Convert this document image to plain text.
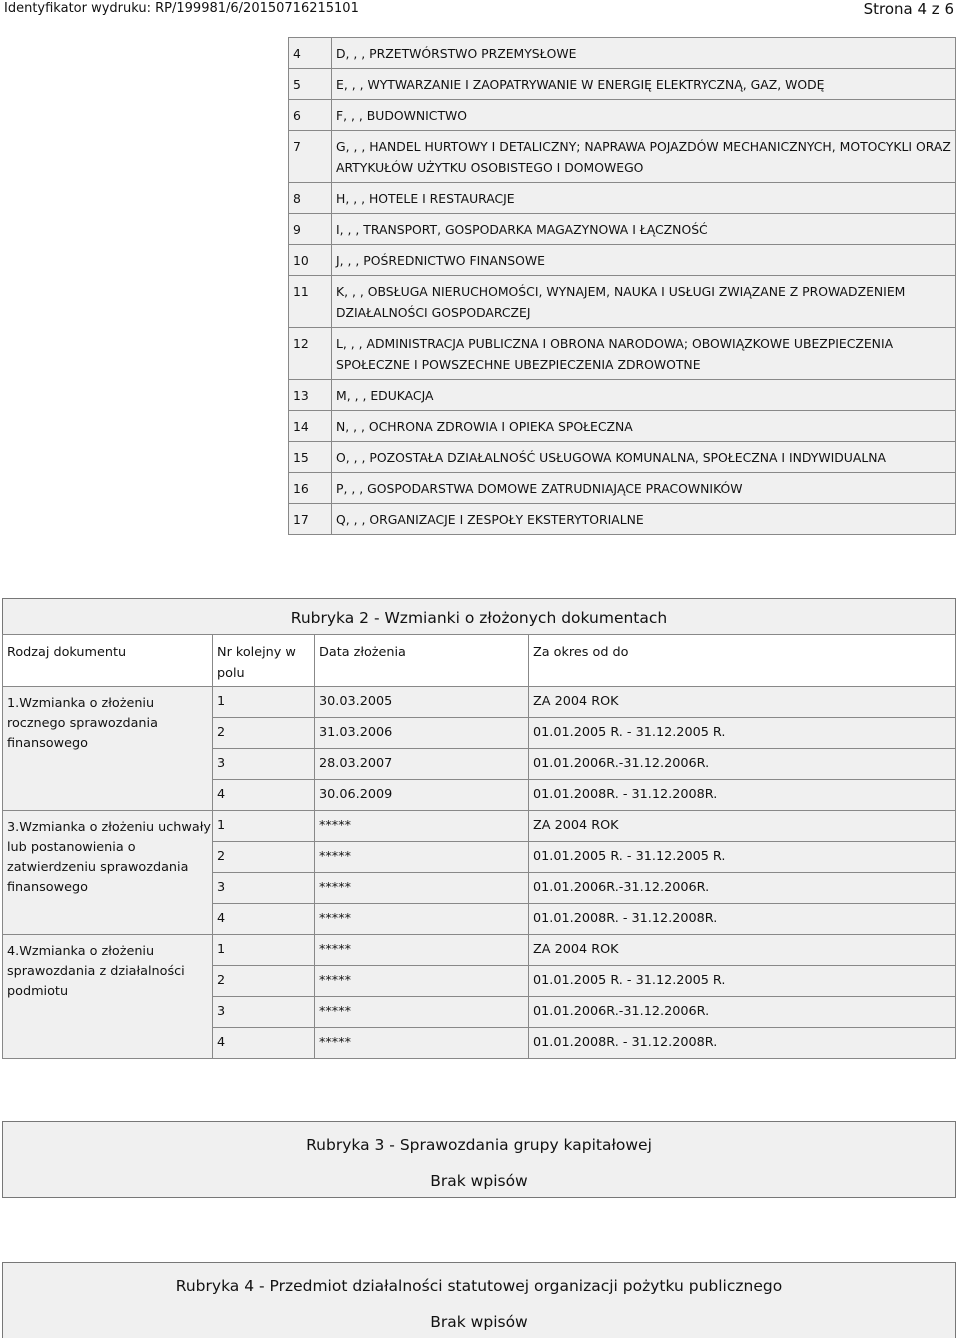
Identyfikator wydruku: RP/199981/6/20150716215101	Strona 4 z 6
4	D, , , PRZETWÓRSTWO PRZEMYSŁOWE
5	E, , , WYTWARZANIE I ZAOPATRYWANIE W ENERGIĘ ELEKTRYCZNĄ, GAZ, WODĘ
6	F, , , BUDOWNICTWO
7	G, , , HANDEL HURTOWY I DETALICZNY; NAPRAWA POJAZDÓW MECHANICZNYCH, MOTOCYKLI ORAZ ARTYKUŁÓW UŻYTKU OSOBISTEGO I DOMOWEGO
8	H, , , HOTELE I RESTAURACJE
9	I, , , TRANSPORT, GOSPODARKA MAGAZYNOWA I ŁĄCZNOŚĆ
10	J, , , POŚREDNICTWO FINANSOWE
11	K, , , OBSŁUGA NIERUCHOMOŚCI, WYNAJEM, NAUKA I USŁUGI ZWIĄZANE Z PROWADZENIEM DZIAŁALNOŚCI GOSPODARCZEJ
12	L, , , ADMINISTRACJA PUBLICZNA I OBRONA NARODOWA; OBOWIĄZKOWE UBEZPIECZENIA SPOŁECZNE I POWSZECHNE UBEZPIECZENIA ZDROWOTNE
13	M, , , EDUKACJA
14	N, , , OCHRONA ZDROWIA I OPIEKA SPOŁECZNA
15	O, , , POZOSTAŁA DZIAŁALNOŚĆ USŁUGOWA KOMUNALNA, SPOŁECZNA I INDYWIDUALNA
16	P, , , GOSPODARSTWA DOMOWE ZATRUDNIAJĄCE PRACOWNIKÓW
17	Q, , , ORGANIZACJE I ZESPOŁY EKSTERYTORIALNE
Rubryka 2 - Wzmianki o złożonych dokumentach
Rodzaj dokumentu	Nr kolejny w polu	Data złożenia	Za okres od do
1.Wzmianka o złożeniu rocznego sprawozdania finansowego	1	30.03.2005	ZA 2004 ROK
	2	31.03.2006	01.01.2005 R. - 31.12.2005 R.
	3	28.03.2007	01.01.2006R.-31.12.2006R.
	4	30.06.2009	01.01.2008R. - 31.12.2008R.
3.Wzmianka o złożeniu uchwały lub postanowienia o zatwierdzeniu sprawozdania finansowego	1	*****	ZA 2004 ROK
	2	*****	01.01.2005 R. - 31.12.2005 R.
	3	*****	01.01.2006R.-31.12.2006R.
	4	*****	01.01.2008R. - 31.12.2008R.
4.Wzmianka o złożeniu sprawozdania z działalności podmiotu	1	*****	ZA 2004 ROK
	2	*****	01.01.2005 R. - 31.12.2005 R.
	3	*****	01.01.2006R.-31.12.2006R.
	4	*****	01.01.2008R. - 31.12.2008R.
Rubryka 3 - Sprawozdania grupy kapitałowej
Brak wpisów
Rubryka 4 - Przedmiot działalności statutowej organizacji pożytku publicznego
Brak wpisów
